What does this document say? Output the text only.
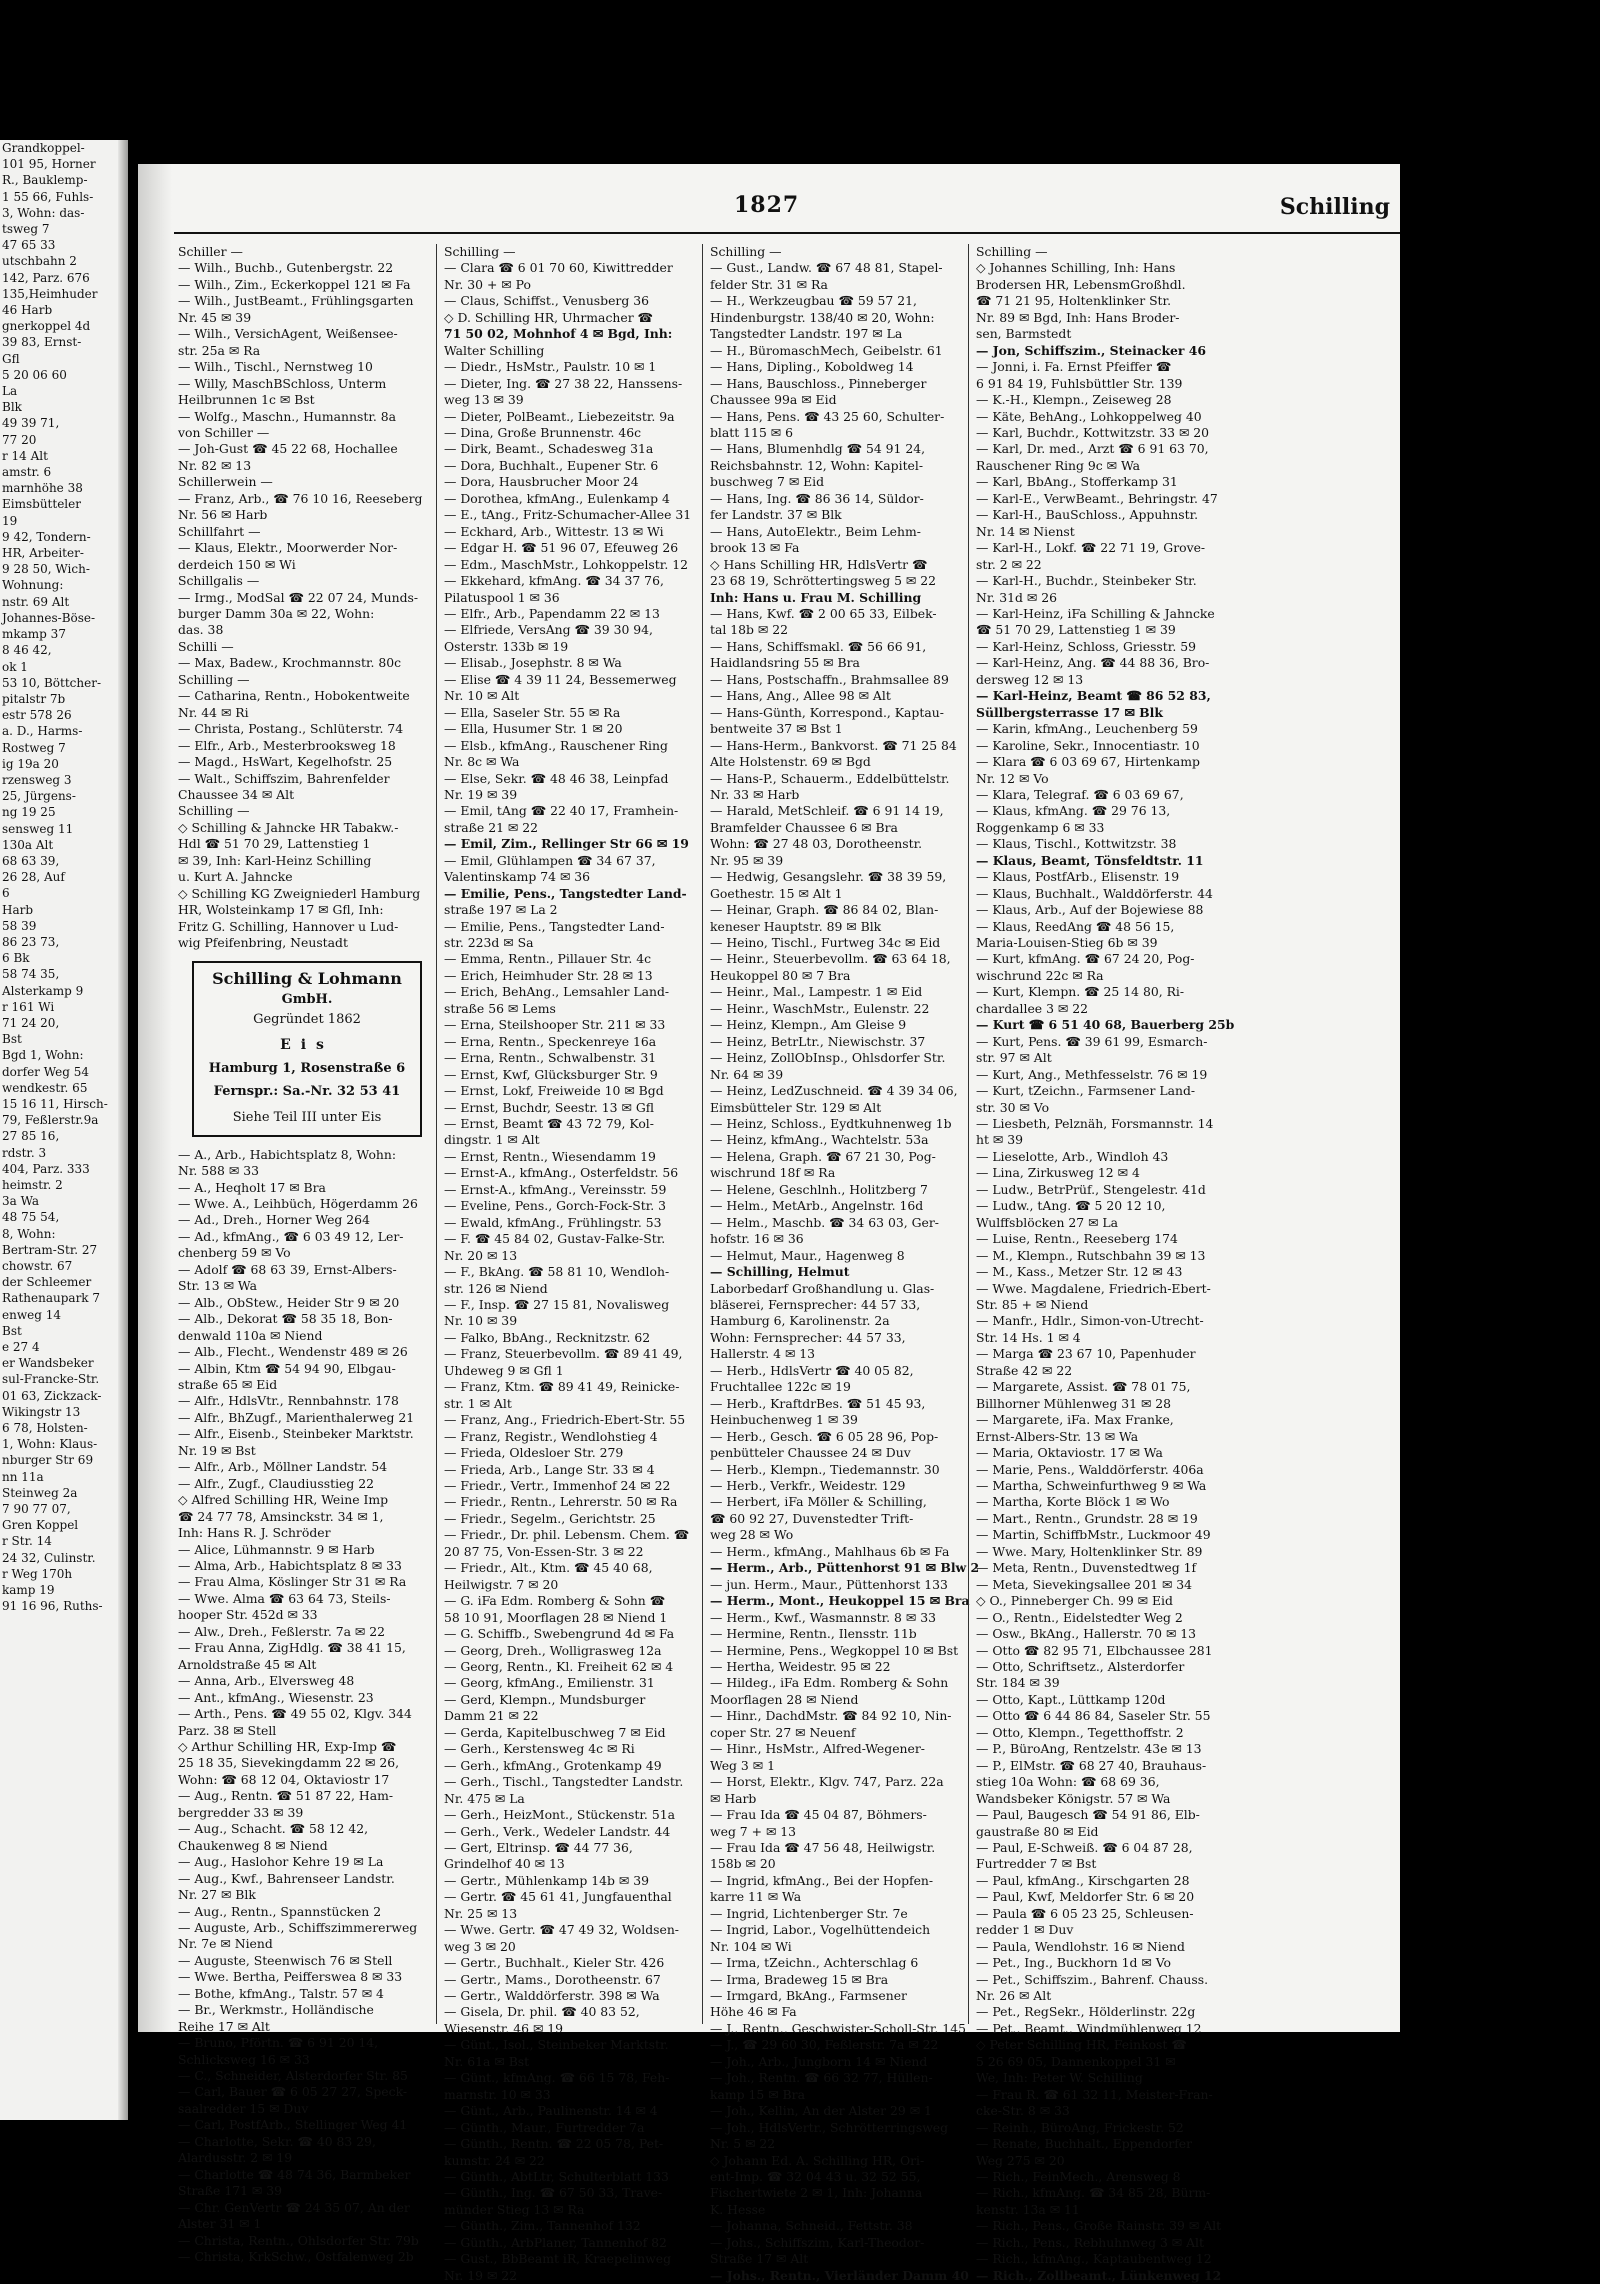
Grandkoppel-
101 95, Horner
R., Bauklemp-
1 55 66, Fuhls-
3, Wohn: das-
tsweg 7
47 65 33
utschbahn 2
142, Parz. 676
135,Heimhuder
46 Harb
gnerkoppel 4d
39 83, Ernst-
Gfl
5 20 06 60
La
Blk
49 39 71,
77 20
r 14 Alt
amstr. 6
marnhöhe 38
Eimsbütteler
19
9 42, Tondern-
HR, Arbeiter-
9 28 50, Wich-
Wohnung:
nstr. 69 Alt
Johannes-Böse-
mkamp 37
8 46 42,
ok 1
53 10, Böttcher-
pitalstr 7b
estr 578 26
a. D., Harms-
Rostweg 7
ig 19a 20
rzensweg 3
25, Jürgens-
ng 19 25
sensweg 11
130a Alt
68 63 39,
26 28, Auf
6
Harb
58 39
86 23 73,
6 Bk
58 74 35,
Alsterkamp 9
r 161 Wi
71 24 20,
Bst
Bgd 1, Wohn:
dorfer Weg 54
wendkestr. 65
15 16 11, Hirsch-
79, Feßlerstr.9a
27 85 16,
rdstr. 3
404, Parz. 333
heimstr. 2
3a Wa
48 75 54,
8, Wohn:
Bertram-Str. 27
chowstr. 67
der Schleemer
Rathenaupark 7
enweg 14
Bst
e 27 4
er Wandsbeker
sul-Francke-Str.
01 63, Zickzack-
Wikingstr 13
6 78, Holsten-
1, Wohn: Klaus-
nburger Str 69
nn 11a
Steinweg 2a
7 90 77 07,
Gren Koppel
r Str. 14
24 32, Culinstr.
r Weg 170h
kamp 19
91 16 96, Ruths-
1827	Schilling
Schiller —
— Wilh., Buchb., Gutenbergstr. 22
— Wilh., Zim., Eckerkoppel 121 ✉ Fa
— Wilh., JustBeamt., Frühlingsgarten
Nr. 45 ✉ 39
— Wilh., VersichAgent, Weißensee-
str. 25a ✉ Ra
— Wilh., Tischl., Nernstweg 10
— Willy, MaschBSchloss, Unterm
Heilbrunnen 1c ✉ Bst
— Wolfg., Maschn., Humannstr. 8a
von Schiller —
— Joh-Gust ☎ 45 22 68, Hochallee
Nr. 82 ✉ 13
Schillerwein —
— Franz, Arb., ☎ 76 10 16, Reeseberg
Nr. 56 ✉ Harb
Schillfahrt —
— Klaus, Elektr., Moorwerder Nor-
derdeich 150 ✉ Wi
Schillgalis —
— Irmg., ModSal ☎ 22 07 24, Munds-
burger Damm 30a ✉ 22, Wohn:
das. 38
Schilli —
— Max, Badew., Krochmannstr. 80c
Schilling —
— Catharina, Rentn., Hobokentweite
Nr. 44 ✉ Ri
— Christa, Postang., Schlüterstr. 74
— Elfr., Arb., Mesterbrooksweg 18
— Magd., HsWart, Kegelhofstr. 25
— Walt., Schiffszim, Bahrenfelder
Chaussee 34 ✉ Alt
Schilling —
◇ Schilling & Jahncke HR Tabakw.-
Hdl ☎ 51 70 29, Lattenstieg 1
✉ 39, Inh: Karl-Heinz Schilling
u. Kurt A. Jahncke
◇ Schilling KG Zweigniederl Hamburg
HR, Wolsteinkamp 17 ✉ Gfl, Inh:
Fritz G. Schilling, Hannover u Lud-
wig Pfeifenbring, Neustadt
Schilling & Lohmann
GmbH.
Gegründet 1862
Eis
Hamburg 1, Rosenstraße 6
Fernspr.: Sa.-Nr. 32 53 41
Siehe Teil III unter Eis
— A., Arb., Habichtsplatz 8, Wohn:
Nr. 588 ✉ 33
— A., Heqholt 17 ✉ Bra
— Wwe. A., Leihbüch, Högerdamm 26
— Ad., Dreh., Horner Weg 264
— Ad., kfmAng., ☎ 6 03 49 12, Ler-
chenberg 59 ✉ Vo
— Adolf ☎ 68 63 39, Ernst-Albers-
Str. 13 ✉ Wa
— Alb., ObStew., Heider Str 9 ✉ 20
— Alb., Dekorat ☎ 58 35 18, Bon-
denwald 110a ✉ Niend
— Alb., Flecht., Wendenstr 489 ✉ 26
— Albin, Ktm ☎ 54 94 90, Elbgau-
straße 65 ✉ Eid
— Alfr., HdlsVtr., Rennbahnstr. 178
— Alfr., BhZugf., Marienthalerweg 21
— Alfr., Eisenb., Steinbeker Marktstr.
Nr. 19 ✉ Bst
— Alfr., Arb., Möllner Landstr. 54
— Alfr., Zugf., Claudiusstieg 22
◇ Alfred Schilling HR, Weine Imp
☎ 24 77 78, Amsinckstr. 34 ✉ 1,
Inh: Hans R. J. Schröder
— Alice, Lühmannstr. 9 ✉ Harb
— Alma, Arb., Habichtsplatz 8 ✉ 33
— Frau Alma, Köslinger Str 31 ✉ Ra
— Wwe. Alma ☎ 63 64 73, Steils-
hooper Str. 452d ✉ 33
— Alw., Dreh., Feßlerstr. 7a ✉ 22
— Frau Anna, ZigHdlg. ☎ 38 41 15,
Arnoldstraße 45 ✉ Alt
— Anna, Arb., Elversweg 48
— Ant., kfmAng., Wiesenstr. 23
— Arth., Pens. ☎ 49 55 02, Klgv. 344
Parz. 38 ✉ Stell
◇ Arthur Schilling HR, Exp-Imp ☎
25 18 35, Sievekingdamm 22 ✉ 26,
Wohn: ☎ 68 12 04, Oktaviostr 17
— Aug., Rentn. ☎ 51 87 22, Ham-
bergredder 33 ✉ 39
— Aug., Schacht. ☎ 58 12 42,
Chaukenweg 8 ✉ Niend
— Aug., Haslohor Kehre 19 ✉ La
— Aug., Kwf., Bahrenseer Landstr.
Nr. 27 ✉ Blk
— Aug., Rentn., Spannstücken 2
— Auguste, Arb., Schiffszimmererweg
Nr. 7e ✉ Niend
— Auguste, Steenwisch 76 ✉ Stell
— Wwe. Bertha, Peifferswea 8 ✉ 33
— Bothe, kfmAng., Talstr. 57 ✉ 4
— Br., Werkmstr., Holländische
Reihe 17 ✉ Alt
— Bruno, Pförtn. ☎ 6 91 20 14,
Schlicksweg 16 ✉ 33
— C., Schneider, Alsterdorfer Str. 85
— Carl, Bauer ☎ 6 05 27 27, Speck-
saalredder 15 ✉ Duv
— Carl, PostfArb., Stellinger Weg 41
— Charlotte, Sekr. ☎ 40 83 29,
Alardusstr. 2 ✉ 19
— Charlotte ☎ 48 74 36, Barmbeker
Straße 171 ✉ 39
— Chr. GenVertr ☎ 24 35 07, An der
Alster 31 ✉ 1
— Christa, Rentn., Ohlsdorfer Str. 79b
— Christa, KrkSchw., Ostfalenweg 2b
Schilling —
— Clara ☎ 6 01 70 60, Kiwittredder
Nr. 30 + ✉ Po
— Claus, Schiffst., Venusberg 36
◇ D. Schilling HR, Uhrmacher ☎
71 50 02, Mohnhof 4 ✉ Bgd, Inh:
Walter Schilling
— Diedr., HsMstr., Paulstr. 10 ✉ 1
— Dieter, Ing. ☎ 27 38 22, Hanssens-
weg 13 ✉ 39
— Dieter, PolBeamt., Liebezeitstr. 9a
— Dina, Große Brunnenstr. 46c
— Dirk, Beamt., Schadesweg 31a
— Dora, Buchhalt., Eupener Str. 6
— Dora, Hausbrucher Moor 24
— Dorothea, kfmAng., Eulenkamp 4
— E., tAng., Fritz-Schumacher-Allee 31
— Eckhard, Arb., Wittestr. 13 ✉ Wi
— Edgar H. ☎ 51 96 07, Efeuweg 26
— Edm., MaschMstr., Lohkoppelstr. 12
— Ekkehard, kfmAng. ☎ 34 37 76,
Pilatuspool 1 ✉ 36
— Elfr., Arb., Papendamm 22 ✉ 13
— Elfriede, VersAng ☎ 39 30 94,
Osterstr. 133b ✉ 19
— Elisab., Josephstr. 8 ✉ Wa
— Elise ☎ 4 39 11 24, Bessemerweg
Nr. 10 ✉ Alt
— Ella, Saseler Str. 55 ✉ Ra
— Ella, Husumer Str. 1 ✉ 20
— Elsb., kfmAng., Rauschener Ring
Nr. 8c ✉ Wa
— Else, Sekr. ☎ 48 46 38, Leinpfad
Nr. 19 ✉ 39
— Emil, tAng ☎ 22 40 17, Framhein-
straße 21 ✉ 22
— Emil, Zim., Rellinger Str 66 ✉ 19
— Emil, Glühlampen ☎ 34 67 37,
Valentinskamp 74 ✉ 36
— Emilie, Pens., Tangstedter Land-
straße 197 ✉ La 2
— Emilie, Pens., Tangstedter Land-
str. 223d ✉ Sa
— Emma, Rentn., Pillauer Str. 4c
— Erich, Heimhuder Str. 28 ✉ 13
— Erich, BehAng., Lemsahler Land-
straße 56 ✉ Lems
— Erna, Steilshooper Str. 211 ✉ 33
— Erna, Rentn., Speckenreye 16a
— Erna, Rentn., Schwalbenstr. 31
— Ernst, Kwf, Glücksburger Str. 9
— Ernst, Lokf, Freiweide 10 ✉ Bgd
— Ernst, Buchdr, Seestr. 13 ✉ Gfl
— Ernst, Beamt ☎ 43 72 79, Kol-
dingstr. 1 ✉ Alt
— Ernst, Rentn., Wiesendamm 19
— Ernst-A., kfmAng., Osterfeldstr. 56
— Ernst-A., kfmAng., Vereinsstr. 59
— Eveline, Pens., Gorch-Fock-Str. 3
— Ewald, kfmAng., Frühlingstr. 53
— F. ☎ 45 84 02, Gustav-Falke-Str.
Nr. 20 ✉ 13
— F., BkAng. ☎ 58 81 10, Wendloh-
str. 126 ✉ Niend
— F., Insp. ☎ 27 15 81, Novalisweg
Nr. 10 ✉ 39
— Falko, BbAng., Recknitzstr. 62
— Franz, Steuerbevollm. ☎ 89 41 49,
Uhdeweg 9 ✉ Gfl 1
— Franz, Ktm. ☎ 89 41 49, Reinicke-
str. 1 ✉ Alt
— Franz, Ang., Friedrich-Ebert-Str. 55
— Franz, Registr., Wendlohstieg 4
— Frieda, Oldesloer Str. 279
— Frieda, Arb., Lange Str. 33 ✉ 4
— Friedr., Vertr., Immenhof 24 ✉ 22
— Friedr., Rentn., Lehrerstr. 50 ✉ Ra
— Friedr., Segelm., Gerichtstr. 25
— Friedr., Dr. phil. Lebensm. Chem. ☎
20 87 75, Von-Essen-Str. 3 ✉ 22
— Friedr., Alt., Ktm. ☎ 45 40 68,
Heilwigstr. 7 ✉ 20
— G. iFa Edm. Romberg & Sohn ☎
58 10 91, Moorflagen 28 ✉ Niend 1
— G. Schiffb., Swebengrund 4d ✉ Fa
— Georg, Dreh., Wolligrasweg 12a
— Georg, Rentn., Kl. Freiheit 62 ✉ 4
— Georg, kfmAng., Emilienstr. 31
— Gerd, Klempn., Mundsburger
Damm 21 ✉ 22
— Gerda, Kapitelbuschweg 7 ✉ Eid
— Gerh., Kerstensweg 4c ✉ Ri
— Gerh., kfmAng., Grotenkamp 49
— Gerh., Tischl., Tangstedter Landstr.
Nr. 475 ✉ La
— Gerh., HeizMont., Stückenstr. 51a
— Gerh., Verk., Wedeler Landstr. 44
— Gert, Eltrinsp. ☎ 44 77 36,
Grindelhof 40 ✉ 13
— Gertr., Mühlenkamp 14b ✉ 39
— Gertr. ☎ 45 61 41, Jungfauenthal
Nr. 25 ✉ 13
— Wwe. Gertr. ☎ 47 49 32, Woldsen-
weg 3 ✉ 20
— Gertr., Buchhalt., Kieler Str. 426
— Gertr., Mams., Dorotheenstr. 67
— Gertr., Walddörferstr. 398 ✉ Wa
— Gisela, Dr. phil. ☎ 40 83 52,
Wiesenstr. 46 ✉ 19
— Günt., Isol., Steinbeker Marktstr.
Nr. 61a ✉ Bst
— Günt., kfmAng. ☎ 66 15 78, Feh-
marnstr. 10 ✉ 33
— Günt., Arb., Paulinenstr. 14 ✉ 4
— Günth., Maur., Furtredder 7a
— Günth., Rentn. ☎ 22 05 78, Pet-
kumstr. 24 ✉ 22
— Günth., AbtLtr, Schulterblatt 133
— Günth., Ing. ☎ 67 50 33, Trave-
münder Stieg 13 ✉ Ra
— Günth., Zim., Tannenhof 132
— Günth., ArbPlaner, Tannenhof 82
— Gust., BbBeamt iR, Kraepelinweg
Nr. 19 ✉ 22
Schilling —
— Gust., Landw. ☎ 67 48 81, Stapel-
felder Str. 31 ✉ Ra
— H., Werkzeugbau ☎ 59 57 21,
Hindenburgstr. 138/40 ✉ 20, Wohn:
Tangstedter Landstr. 197 ✉ La
— H., BüromaschMech, Geibelstr. 61
— Hans, Dipling., Koboldweg 14
— Hans, Bauschloss., Pinneberger
Chaussee 99a ✉ Eid
— Hans, Pens. ☎ 43 25 60, Schulter-
blatt 115 ✉ 6
— Hans, Blumenhdlg ☎ 54 91 24,
Reichsbahnstr. 12, Wohn: Kapitel-
buschweg 7 ✉ Eid
— Hans, Ing. ☎ 86 36 14, Süldor-
fer Landstr. 37 ✉ Blk
— Hans, AutoElektr., Beim Lehm-
brook 13 ✉ Fa
◇ Hans Schilling HR, HdlsVertr ☎
23 68 19, Schröttertingsweg 5 ✉ 22
Inh: Hans u. Frau M. Schilling
— Hans, Kwf. ☎ 2 00 65 33, Eilbek-
tal 18b ✉ 22
— Hans, Schiffsmakl. ☎ 56 66 91,
Haidlandsring 55 ✉ Bra
— Hans, Postschaffn., Brahmsallee 89
— Hans, Ang., Allee 98 ✉ Alt
— Hans-Günth, Korrespond., Kaptau-
bentweite 37 ✉ Bst 1
— Hans-Herm., Bankvorst. ☎ 71 25 84
Alte Holstenstr. 69 ✉ Bgd
— Hans-P., Schauerm., Eddelbüttelstr.
Nr. 33 ✉ Harb
— Harald, MetSchleif. ☎ 6 91 14 19,
Bramfelder Chaussee 6 ✉ Bra
Wohn: ☎ 27 48 03, Dorotheenstr.
Nr. 95 ✉ 39
— Hedwig, Gesangslehr. ☎ 38 39 59,
Goethestr. 15 ✉ Alt 1
— Heinar, Graph. ☎ 86 84 02, Blan-
keneser Hauptstr. 89 ✉ Blk
— Heino, Tischl., Furtweg 34c ✉ Eid
— Heinr., Steuerbevollm. ☎ 63 64 18,
Heukoppel 80 ✉ 7 Bra
— Heinr., Mal., Lampestr. 1 ✉ Eid
— Heinr., WaschMstr., Eulenstr. 22
— Heinz, Klempn., Am Gleise 9
— Heinz, BetrLtr., Niewischstr. 37
— Heinz, ZollObInsp., Ohlsdorfer Str.
Nr. 64 ✉ 39
— Heinz, LedZuschneid. ☎ 4 39 34 06,
Eimsbütteler Str. 129 ✉ Alt
— Heinz, Schloss., Eydtkuhnenweg 1b
— Heinz, kfmAng., Wachtelstr. 53a
— Helena, Graph. ☎ 67 21 30, Pog-
wischrund 18f ✉ Ra
— Helene, Geschlnh., Holitzberg 7
— Helm., MetArb., Angelnstr. 16d
— Helm., Maschb. ☎ 34 63 03, Ger-
hofstr. 16 ✉ 36
— Helmut, Maur., Hagenweg 8
— Schilling, Helmut
Laborbedarf Großhandlung u. Glas-
bläserei, Fernsprecher: 44 57 33,
Hamburg 6, Karolinenstr. 2a
Wohn: Fernsprecher: 44 57 33,
Hallerstr. 4 ✉ 13
— Herb., HdlsVertr ☎ 40 05 82,
Fruchtallee 122c ✉ 19
— Herb., KraftdrBes. ☎ 51 45 93,
Heinbuchenweg 1 ✉ 39
— Herb., Gesch. ☎ 6 05 28 96, Pop-
penbütteler Chaussee 24 ✉ Duv
— Herb., Klempn., Tiedemannstr. 30
— Herb., Verkfr., Weidestr. 129
— Herbert, iFa Möller & Schilling,
☎ 60 92 27, Duvenstedter Trift-
weg 28 ✉ Wo
— Herm., kfmAng., Mahlhaus 6b ✉ Fa
— Herm., Arb., Püttenhorst 91 ✉ Blw 2
— jun. Herm., Maur., Püttenhorst 133
— Herm., Mont., Heukoppel 15 ✉ Bra
— Herm., Kwf., Wasmannstr. 8 ✉ 33
— Hermine, Rentn., Ilensstr. 11b
— Hermine, Pens., Wegkoppel 10 ✉ Bst
— Hertha, Weidestr. 95 ✉ 22
— Hildeg., iFa Edm. Romberg & Sohn
Moorflagen 28 ✉ Niend
— Hinr., DachdMstr. ☎ 84 92 10, Nin-
coper Str. 27 ✉ Neuenf
— Hinr., HsMstr., Alfred-Wegener-
Weg 3 ✉ 1
— Horst, Elektr., Klgv. 747, Parz. 22a
✉ Harb
— Frau Ida ☎ 45 04 87, Böhmers-
weg 7 + ✉ 13
— Frau Ida ☎ 47 56 48, Heilwigstr.
158b ✉ 20
— Ingrid, kfmAng., Bei der Hopfen-
karre 11 ✉ Wa
— Ingrid, Lichtenberger Str. 7e
— Ingrid, Labor., Vogelhüttendeich
Nr. 104 ✉ Wi
— Irma, tZeichn., Achterschlag 6
— Irma, Bradeweg 15 ✉ Bra
— Irmgard, BkAng., Farmsener
Höhe 46 ✉ Fa
— J., Rentn., Geschwister-Scholl-Str. 145
— J., ☎ 29 60 30, Feßlerstr. 7a ✉ 22
— Joh., Arb., Jungborn 14 ✉ Niend
— Joh., Rentn. ☎ 66 32 77, Hüllen-
kamp 15 ✉ Bra
— Joh., Kellin, An der Alster 29 ✉ 1
— Joh., HdlsVertr., Schrötterringsweg
Nr. 5 ✉ 22
◇ Johann Ed. A. Schilling HR, Ori-
ent-Imp. ☎ 32 04 43 u. 32 52 55,
Fischertwiete 2 ✉ 1, Inh: Johanna
K. Hesse
— Johanna, Schneid., Fettstr. 38
— Johs., Schiffszim, Karl-Theodor-
Straße 17 ✉ Alt
— Johs., Rentn., Vierländer Damm 40
Schilling —
◇ Johannes Schilling, Inh: Hans
Brodersen HR, LebensmGroßhdl.
☎ 71 21 95, Holtenklinker Str.
Nr. 89 ✉ Bgd, Inh: Hans Broder-
sen, Barmstedt
— Jon, Schiffszim., Steinacker 46
— Jonni, i. Fa. Ernst Pfeiffer ☎
6 91 84 19, Fuhlsbüttler Str. 139
— K.-H., Klempn., Zeiseweg 28
— Käte, BehAng., Lohkoppelweg 40
— Karl, Buchdr., Kottwitzstr. 33 ✉ 20
— Karl, Dr. med., Arzt ☎ 6 91 63 70,
Rauschener Ring 9c ✉ Wa
— Karl, BbAng., Stofferkamp 31
— Karl-E., VerwBeamt., Behringstr. 47
— Karl-H., BauSchloss., Appuhnstr.
Nr. 14 ✉ Nienst
— Karl-H., Lokf. ☎ 22 71 19, Grove-
str. 2 ✉ 22
— Karl-H., Buchdr., Steinbeker Str.
Nr. 31d ✉ 26
— Karl-Heinz, iFa Schilling & Jahncke
☎ 51 70 29, Lattenstieg 1 ✉ 39
— Karl-Heinz, Schloss, Griesstr. 59
— Karl-Heinz, Ang. ☎ 44 88 36, Bro-
dersweg 12 ✉ 13
— Karl-Heinz, Beamt ☎ 86 52 83,
Süllbergsterrasse 17 ✉ Blk
— Karin, kfmAng., Leuchenberg 59
— Karoline, Sekr., Innocentiastr. 10
— Klara ☎ 6 03 69 67, Hirtenkamp
Nr. 12 ✉ Vo
— Klara, Telegraf. ☎ 6 03 69 67,
— Klaus, kfmAng. ☎ 29 76 13,
Roggenkamp 6 ✉ 33
— Klaus, Tischl., Kottwitzstr. 38
— Klaus, Beamt, Tönsfeldtstr. 11
— Klaus, PostfArb., Elisenstr. 19
— Klaus, Buchhalt., Walddörferstr. 44
— Klaus, Arb., Auf der Bojewiese 88
— Klaus, ReedAng ☎ 48 56 15,
Maria-Louisen-Stieg 6b ✉ 39
— Kurt, kfmAng. ☎ 67 24 20, Pog-
wischrund 22c ✉ Ra
— Kurt, Klempn. ☎ 25 14 80, Ri-
chardallee 3 ✉ 22
— Kurt ☎ 6 51 40 68, Bauerberg 25b
— Kurt, Pens. ☎ 39 61 99, Esmarch-
str. 97 ✉ Alt
— Kurt, Ang., Methfesselstr. 76 ✉ 19
— Kurt, tZeichn., Farmsener Land-
str. 30 ✉ Vo
— Liesbeth, Pelznäh, Forsmannstr. 14
ht ✉ 39
— Lieselotte, Arb., Windloh 43
— Lina, Zirkusweg 12 ✉ 4
— Ludw., BetrPrüf., Stengelestr. 41d
— Ludw., tAng. ☎ 5 20 12 10,
Wulffsblöcken 27 ✉ La
— Luise, Rentn., Reeseberg 174
— M., Klempn., Rutschbahn 39 ✉ 13
— M., Kass., Metzer Str. 12 ✉ 43
— Wwe. Magdalene, Friedrich-Ebert-
Str. 85 + ✉ Niend
— Manfr., Hdlr., Simon-von-Utrecht-
Str. 14 Hs. 1 ✉ 4
— Marga ☎ 23 67 10, Papenhuder
Straße 42 ✉ 22
— Margarete, Assist. ☎ 78 01 75,
Billhorner Mühlenweg 31 ✉ 28
— Margarete, iFa. Max Franke,
Ernst-Albers-Str. 13 ✉ Wa
— Maria, Oktaviostr. 17 ✉ Wa
— Marie, Pens., Walddörferstr. 406a
— Martha, Schweinfurthweg 9 ✉ Wa
— Martha, Korte Blöck 1 ✉ Wo
— Mart., Rentn., Grundstr. 28 ✉ 19
— Martin, SchiffbMstr., Luckmoor 49
— Wwe. Mary, Holtenklinker Str. 89
— Meta, Rentn., Duvenstedtweg 1f
— Meta, Sievekingsallee 201 ✉ 34
◇ O., Pinneberger Ch. 99 ✉ Eid
— O., Rentn., Eidelstedter Weg 2
— Osw., BkAng., Hallerstr. 70 ✉ 13
— Otto ☎ 82 95 71, Elbchaussee 281
— Otto, Schriftsetz., Alsterdorfer
Str. 184 ✉ 39
— Otto, Kapt., Lüttkamp 120d
— Otto ☎ 6 44 86 84, Saseler Str. 55
— Otto, Klempn., Tegetthoffstr. 2
— P., BüroAng, Rentzelstr. 43e ✉ 13
— P., ElMstr. ☎ 68 27 40, Brauhaus-
stieg 10a Wohn: ☎ 68 69 36,
Wandsbeker Königstr. 57 ✉ Wa
— Paul, Baugesch ☎ 54 91 86, Elb-
gaustraße 80 ✉ Eid
— Paul, E-Schweiß. ☎ 6 04 87 28,
Furtredder 7 ✉ Bst
— Paul, kfmAng., Kirschgarten 28
— Paul, Kwf, Meldorfer Str. 6 ✉ 20
— Paula ☎ 6 05 23 25, Schleusen-
redder 1 ✉ Duv
— Paula, Wendlohstr. 16 ✉ Niend
— Pet., Ing., Buckhorn 1d ✉ Vo
— Pet., Schiffszim., Bahrenf. Chauss.
Nr. 26 ✉ Alt
— Pet., RegSekr., Hölderlinstr. 22g
— Pet., Beamt., Windmühlenweg 12
◇ Peter Schilling HR, Feinkost ☎
5 26 69 05, Dannenkoppel 31 ✉
We, Inh: Peter W. Schilling
— Frau R. ☎ 61 32 11, Meister-Fran-
cke-Str. 8 ✉ 33
— Reinh., BüroAng, Frickestr. 52
— Renate, Buchhalt., Eppendorfer
Weg 275 ✉ 20
— Rich., FeinMech., Arensweg 8
— Rich., kfmAng. ☎ 34 85 28, Bürm-
kenstr. 13a ✉ 11
— Rich., Pens., Große Rainstr. 39 ✉ Alt
— Rich., Pens., Rebhuhnweg 3 ✉ Alt
— Rich., kfmAng., Kaptaubentweg 12
— Rich., Zollbeamt., Lünkenweg 12
